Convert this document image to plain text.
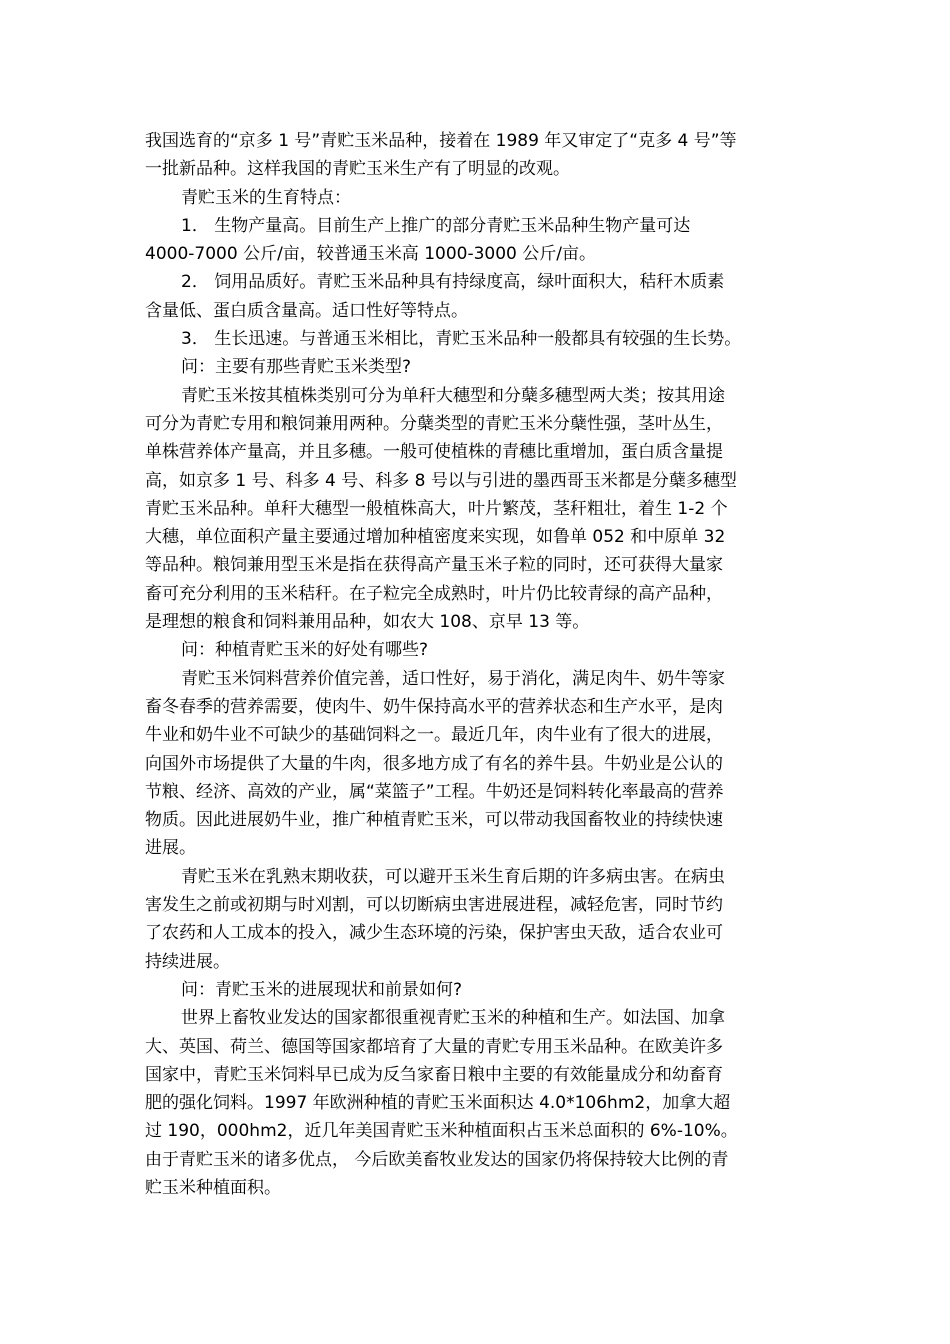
我国选育的“京多 1 号”青贮玉米品种，接着在 1989 年又审定了“克多 4 号”等

一批新品种。这样我国的青贮玉米生产有了明显的改观。

青贮玉米的生育特点：

1． 生物产量高。目前生产上推广的部分青贮玉米品种生物产量可达

4000-7000 公斤/亩，较普通玉米高 1000-3000 公斤/亩。

2． 饲用品质好。青贮玉米品种具有持绿度高，绿叶面积大，秸秆木质素

含量低、蛋白质含量高。适口性好等特点。

3． 生长迅速。与普通玉米相比，青贮玉米品种一般都具有较强的生长势。

问：主要有那些青贮玉米类型?

青贮玉米按其植株类别可分为单秆大穗型和分蘖多穗型两大类；按其用途

可分为青贮专用和粮饲兼用两种。分蘖类型的青贮玉米分蘖性强，茎叶丛生，

单株营养体产量高，并且多穗。一般可使植株的青穗比重增加，蛋白质含量提

高，如京多 1 号、科多 4 号、科多 8 号以与引进的墨西哥玉米都是分蘖多穗型

青贮玉米品种。单秆大穗型一般植株高大，叶片繁茂，茎秆粗壮，着生 1-2 个

大穗，单位面积产量主要通过增加种植密度来实现，如鲁单 052 和中原单 32

等品种。粮饲兼用型玉米是指在获得高产量玉米子粒的同时，还可获得大量家

畜可充分利用的玉米秸秆。在子粒完全成熟时，叶片仍比较青绿的高产品种，

是理想的粮食和饲料兼用品种，如农大 108、京早 13 等。

问：种植青贮玉米的好处有哪些?

青贮玉米饲料营养价值完善，适口性好，易于消化，满足肉牛、奶牛等家

畜冬春季的营养需要，使肉牛、奶牛保持高水平的营养状态和生产水平，是肉

牛业和奶牛业不可缺少的基础饲料之一。最近几年，肉牛业有了很大的进展，

向国外市场提供了大量的牛肉，很多地方成了有名的养牛县。牛奶业是公认的

节粮、经济、高效的产业，属“菜篮子”工程。牛奶还是饲料转化率最高的营养

物质。因此进展奶牛业，推广种植青贮玉米，可以带动我国畜牧业的持续快速

进展。

青贮玉米在乳熟末期收获，可以避开玉米生育后期的许多病虫害。在病虫

害发生之前或初期与时刈割，可以切断病虫害进展进程，减轻危害，同时节约

了农药和人工成本的投入，减少生态环境的污染，保护害虫天敌，适合农业可

持续进展。

问：青贮玉米的进展现状和前景如何?

世界上畜牧业发达的国家都很重视青贮玉米的种植和生产。如法国、加拿

大、英国、荷兰、德国等国家都培育了大量的青贮专用玉米品种。在欧美许多

国家中，青贮玉米饲料早已成为反刍家畜日粮中主要的有效能量成分和幼畜育

肥的强化饲料。1997 年欧洲种植的青贮玉米面积达 4.0*106hm2，加拿大超

过 190，000hm2，近几年美国青贮玉米种植面积占玉米总面积的 6%-10%。

由于青贮玉米的诸多优点， 今后欧美畜牧业发达的国家仍将保持较大比例的青

贮玉米种植面积。
